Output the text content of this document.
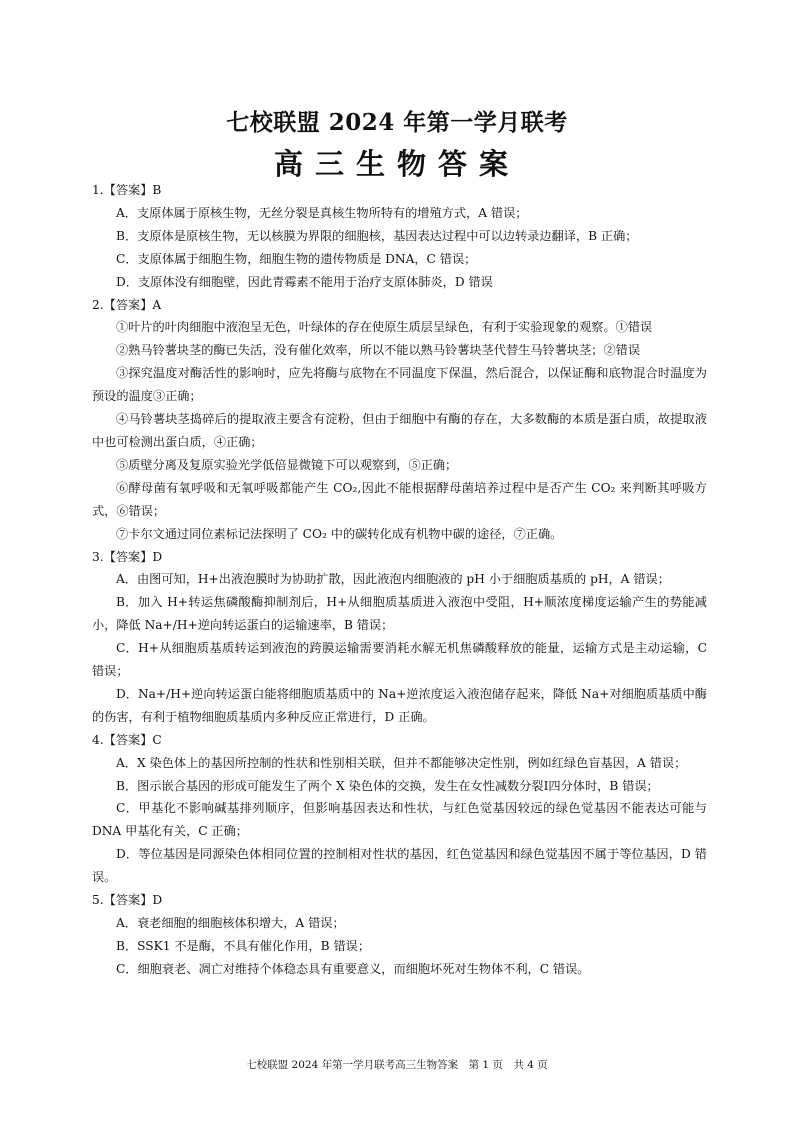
七校联盟 2024 年第一学月联考
高三生物答案

1.【答案】B

A．支原体属于原核生物，无丝分裂是真核生物所特有的增殖方式，A 错误；

B．支原体是原核生物，无以核膜为界限的细胞核，基因表达过程中可以边转录边翻译，B 正确；

C．支原体属于细胞生物，细胞生物的遗传物质是 DNA，C 错误；

D．支原体没有细胞壁，因此青霉素不能用于治疗支原体肺炎，D 错误

2.【答案】A

①叶片的叶肉细胞中液泡呈无色，叶绿体的存在使原生质层呈绿色，有利于实验现象的观察。①错误

②熟马铃薯块茎的酶已失活，没有催化效率，所以不能以熟马铃薯块茎代替生马铃薯块茎；②错误

③探究温度对酶活性的影响时，应先将酶与底物在不同温度下保温，然后混合，以保证酶和底物混合时温度为预设的温度③正确；

④马铃薯块茎捣碎后的提取液主要含有淀粉，但由于细胞中有酶的存在，大多数酶的本质是蛋白质，故提取液中也可检测出蛋白质，④正确；

⑤质壁分离及复原实验光学低倍显微镜下可以观察到，⑤正确；

⑥酵母菌有氧呼吸和无氧呼吸都能产生 CO₂,因此不能根据酵母菌培养过程中是否产生 CO₂ 来判断其呼吸方式，⑥错误；

⑦卡尔文通过同位素标记法探明了 CO₂ 中的碳转化成有机物中碳的途径，⑦正确。

3.【答案】D

A．由图可知，H+出液泡膜时为协助扩散，因此液泡内细胞液的 pH 小于细胞质基质的 pH，A 错误；

B．加入 H+转运焦磷酸酶抑制剂后，H+从细胞质基质进入液泡中受阻，H+顺浓度梯度运输产生的势能减小，降低 Na+/H+逆向转运蛋白的运输速率，B 错误；

C．H+从细胞质基质转运到液泡的跨膜运输需要消耗水解无机焦磷酸释放的能量，运输方式是主动运输，C 错误；

D．Na+/H+逆向转运蛋白能将细胞质基质中的 Na+逆浓度运入液泡储存起来，降低 Na+对细胞质基质中酶的伤害，有利于植物细胞质基质内多种反应正常进行，D 正确。

4.【答案】C

A．X 染色体上的基因所控制的性状和性别相关联，但并不都能够决定性别，例如红绿色盲基因，A 错误；

B．图示嵌合基因的形成可能发生了两个 X 染色体的交换，发生在女性减数分裂Ⅰ四分体时，B 错误；

C．甲基化不影响碱基排列顺序，但影响基因表达和性状，与红色觉基因较远的绿色觉基因不能表达可能与 DNA 甲基化有关，C 正确；

D．等位基因是同源染色体相同位置的控制相对性状的基因，红色觉基因和绿色觉基因不属于等位基因，D 错误。

5.【答案】D

A．衰老细胞的细胞核体积增大，A 错误；

B．SSK1 不是酶，不具有催化作用，B 错误；

C．细胞衰老、凋亡对维持个体稳态具有重要意义，而细胞坏死对生物体不利，C 错误。

七校联盟 2024 年第一学月联考高三生物答案　第 1 页　共 4 页
